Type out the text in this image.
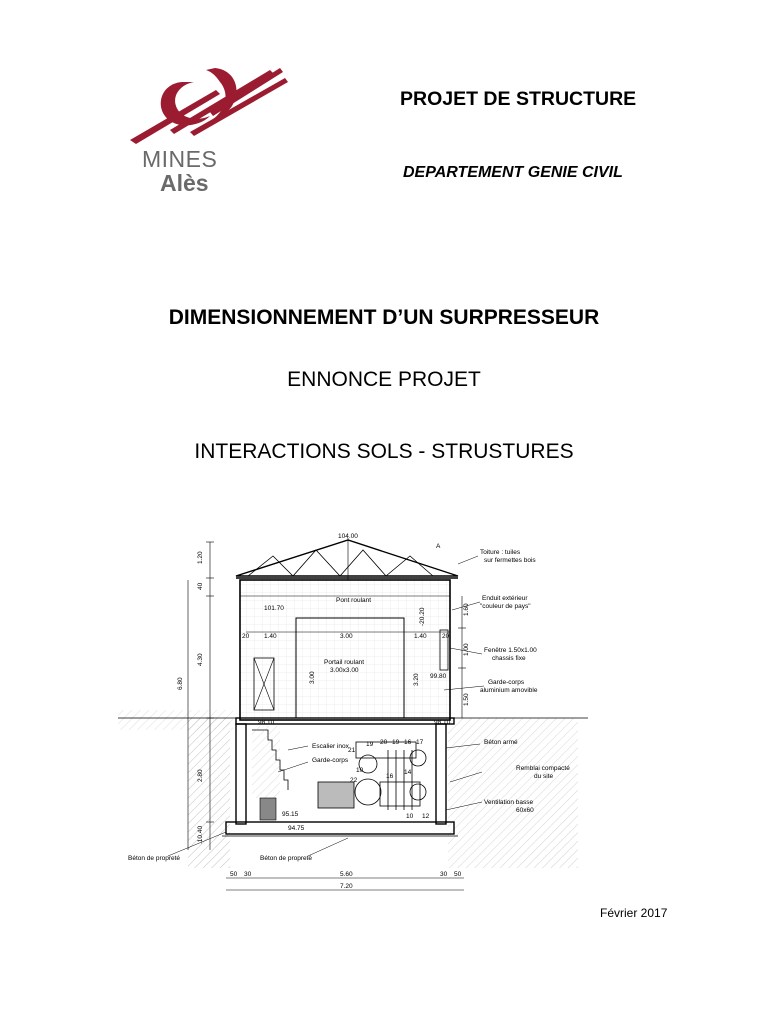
MINES
Alès
PROJET DE STRUCTURE
DEPARTEMENT GENIE CIVIL
DIMENSIONNEMENT D’UN SURPRESSEUR
ENNONCE PROJET
INTERACTIONS SOLS - STRUSTURES
104.00
A
1.20
40
4.30
6.80
2.80
.10.40
1.60
1.00
1.50
Toiture : tuiles
sur fermettes bois
Enduit extérieur
"couleur de pays"
Fenêtre 1.50x1.00
chassis fixe
Garde-corps
aluminium amovible
Béton armé
Remblai compacté
du site
Ventilation basse
60x60
Pont roulant
Portail roulant
3.00x3.00
Escalier inox
Garde-corps
Béton de propreté	Béton de propreté
101.70	-20.20
98.10	98.10
99.80
95.15
94.75
20 1.40	3.00	1.40 20
3.00	3.20
19 20 19 16 17
21
10
22
16
14
10 12
50 30	5.60	30 50
7.20
Février 2017
